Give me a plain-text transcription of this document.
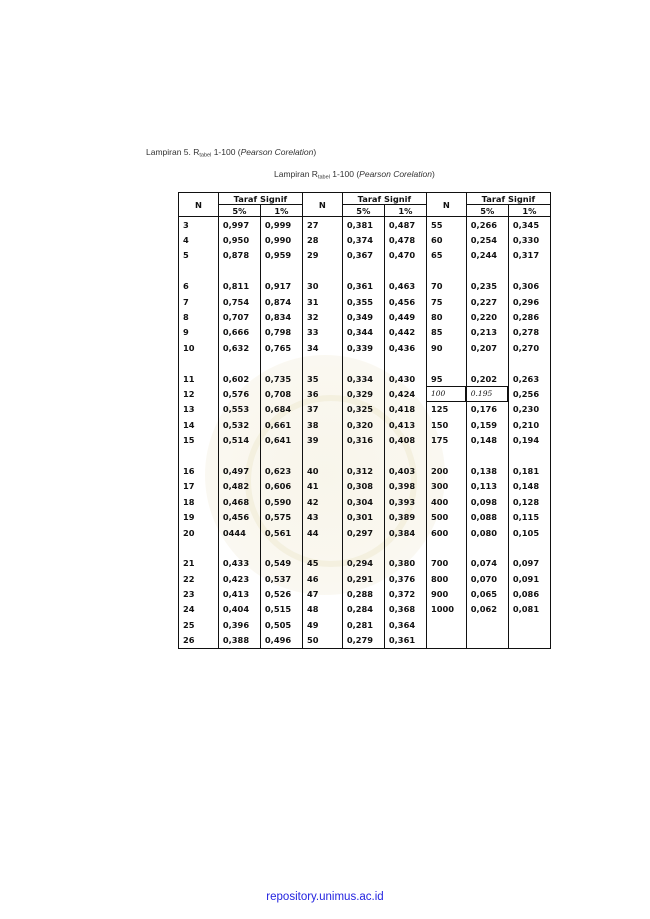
Lampiran 5. $R_{tabel}$ 1-100 (Pearson Corelation)
Lampiran $R_{tabel}$ 1-100 (Pearson Corelation)
N	Taraf Signif		N	Taraf Signif		N	Taraf Signif	
	5%	1%		5%	1%		5%	1%
3	0,997	0,999	27	0,381	0,487	55	0,266	0,345
4	0,950	0,990	28	0,374	0,478	60	0,254	0,330
5	0,878	0,959	29	0,367	0,470	65	0,244	0,317

6	0,811	0,917	30	0,361	0,463	70	0,235	0,306
7	0,754	0,874	31	0,355	0,456	75	0,227	0,296
8	0,707	0,834	32	0,349	0,449	80	0,220	0,286
9	0,666	0,798	33	0,344	0,442	85	0,213	0,278
10	0,632	0,765	34	0,339	0,436	90	0,207	0,270

11	0,602	0,735	35	0,334	0,430	95	0,202	0,263
12	0,576	0,708	36	0,329	0,424	100	0.195	0,256
13	0,553	0,684	37	0,325	0,418	125	0,176	0,230
14	0,532	0,661	38	0,320	0,413	150	0,159	0,210
15	0,514	0,641	39	0,316	0,408	175	0,148	0,194

16	0,497	0,623	40	0,312	0,403	200	0,138	0,181
17	0,482	0,606	41	0,308	0,398	300	0,113	0,148
18	0,468	0,590	42	0,304	0,393	400	0,098	0,128
19	0,456	0,575	43	0,301	0,389	500	0,088	0,115
20	0444	0,561	44	0,297	0,384	600	0,080	0,105

21	0,433	0,549	45	0,294	0,380	700	0,074	0,097
22	0,423	0,537	46	0,291	0,376	800	0,070	0,091
23	0,413	0,526	47	0,288	0,372	900	0,065	0,086
24	0,404	0,515	48	0,284	0,368	1000	0,062	0,081
25	0,396	0,505	49	0,281	0,364			
26	0,388	0,496	50	0,279	0,361			
repository.unimus.ac.id
